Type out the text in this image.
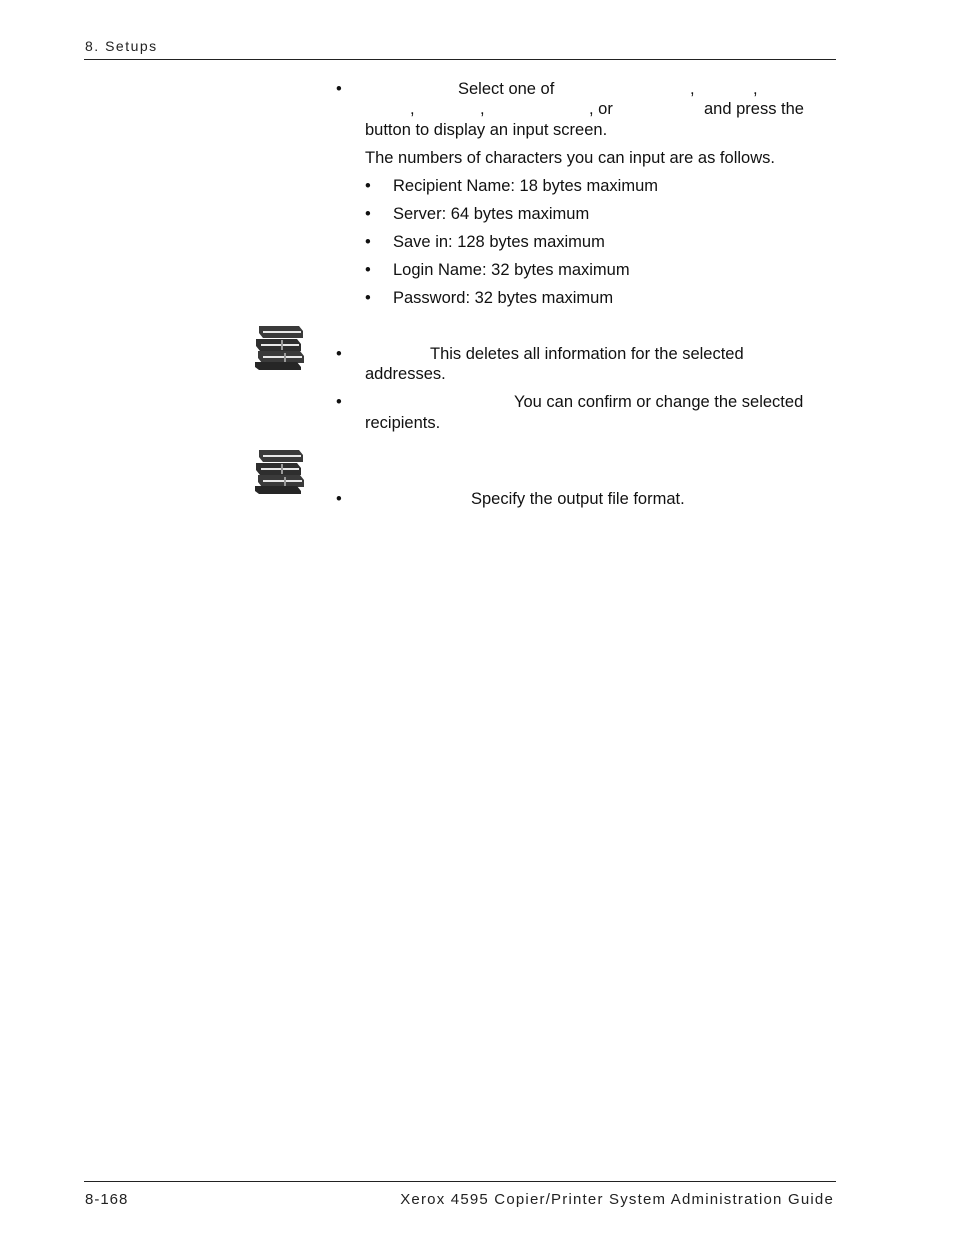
8. Setups
•	Select one of	,	,
,	,	, or	and press the
button to display an input screen.
The numbers of characters you can input are as follows.
• Recipient Name: 18 bytes maximum
• Server: 64 bytes maximum
• Save in: 128 bytes maximum
• Login Name: 32 bytes maximum
• Password: 32 bytes maximum
•	This deletes all information for the selected
addresses.
•	You can confirm or change the selected
recipients.
•	Specify the output file format.
8-168	Xerox 4595 Copier/Printer System Administration Guide
